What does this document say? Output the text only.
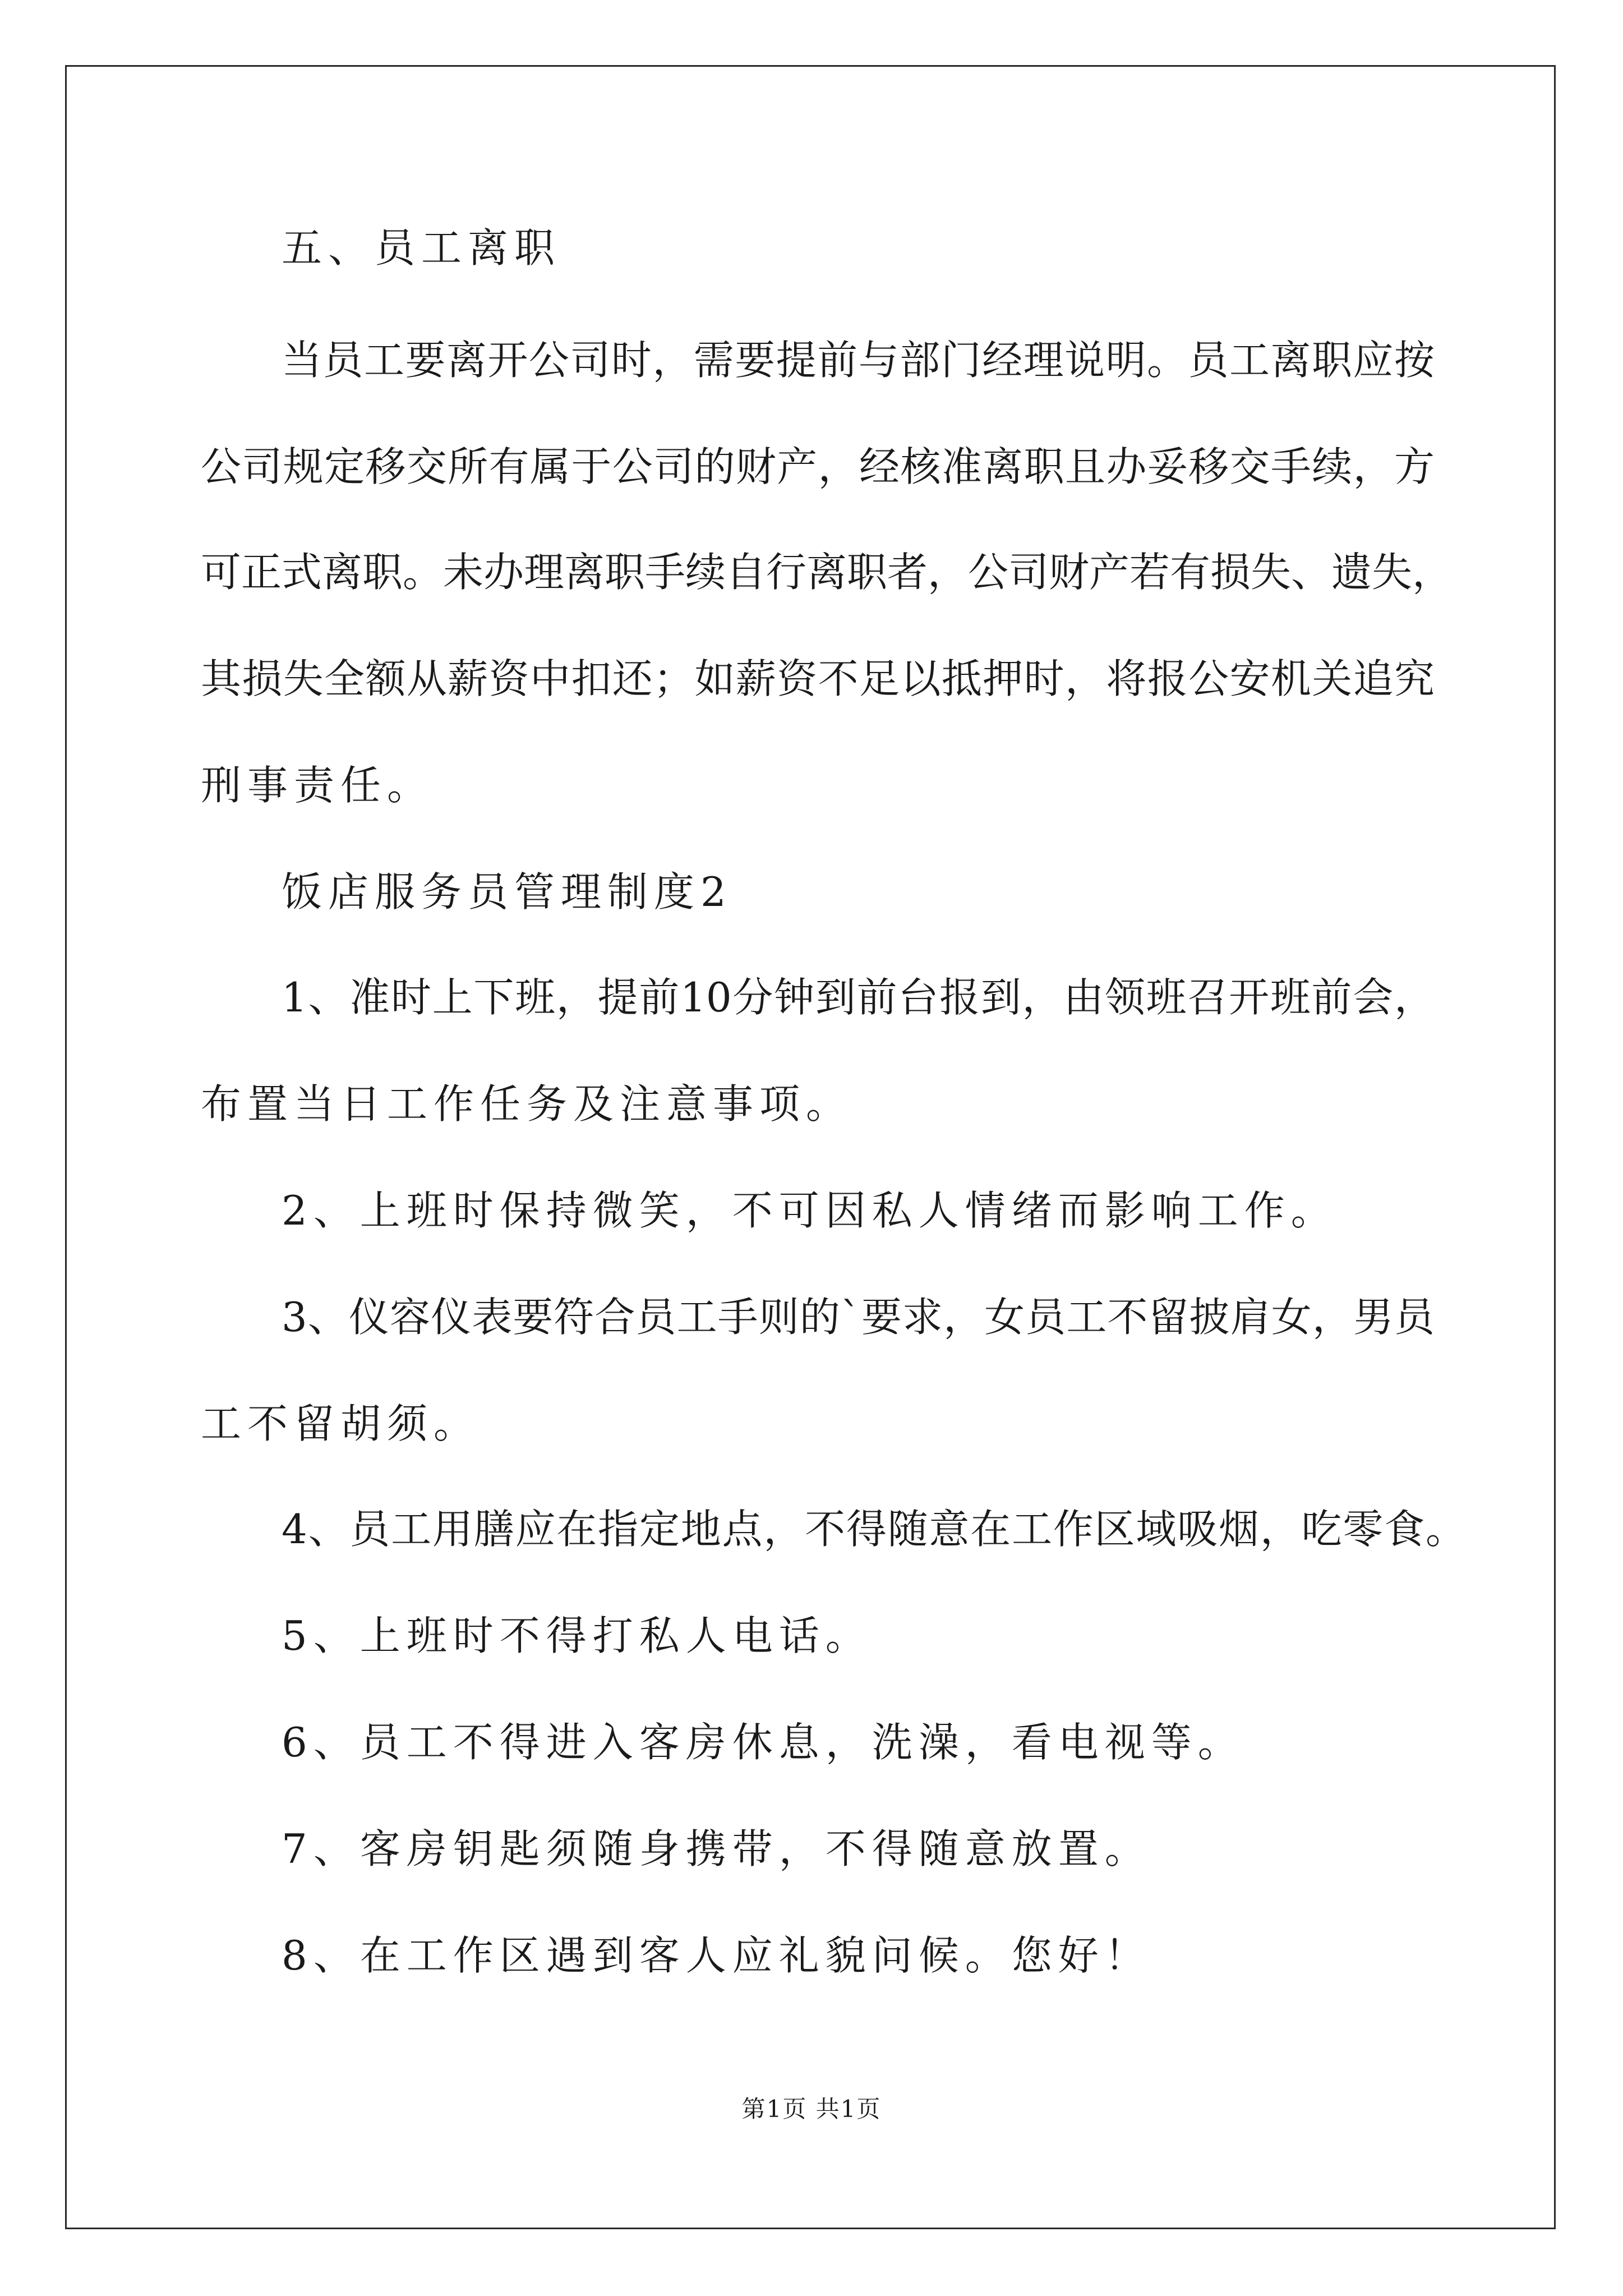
五、员工离职
当员工要离开公司时，需要提前与部门经理说明。员工离职应按
公司规定移交所有属于公司的财产，经核准离职且办妥移交手续，方
可正式离职。未办理离职手续自行离职者，公司财产若有损失、遗失，
其损失全额从薪资中扣还；如薪资不足以抵押时，将报公安机关追究
刑事责任。
饭店服务员管理制度2
1、准时上下班，提前10分钟到前台报到，由领班召开班前会，
布置当日工作任务及注意事项。
2、上班时保持微笑，不可因私人情绪而影响工作。
3、仪容仪表要符合员工手则的`要求，女员工不留披肩女，男员
工不留胡须。
4、员工用膳应在指定地点，不得随意在工作区域吸烟，吃零食。
5、上班时不得打私人电话。
6、员工不得进入客房休息，洗澡，看电视等。
7、客房钥匙须随身携带，不得随意放置。
8、在工作区遇到客人应礼貌问候。您好！
第1页 共1页
